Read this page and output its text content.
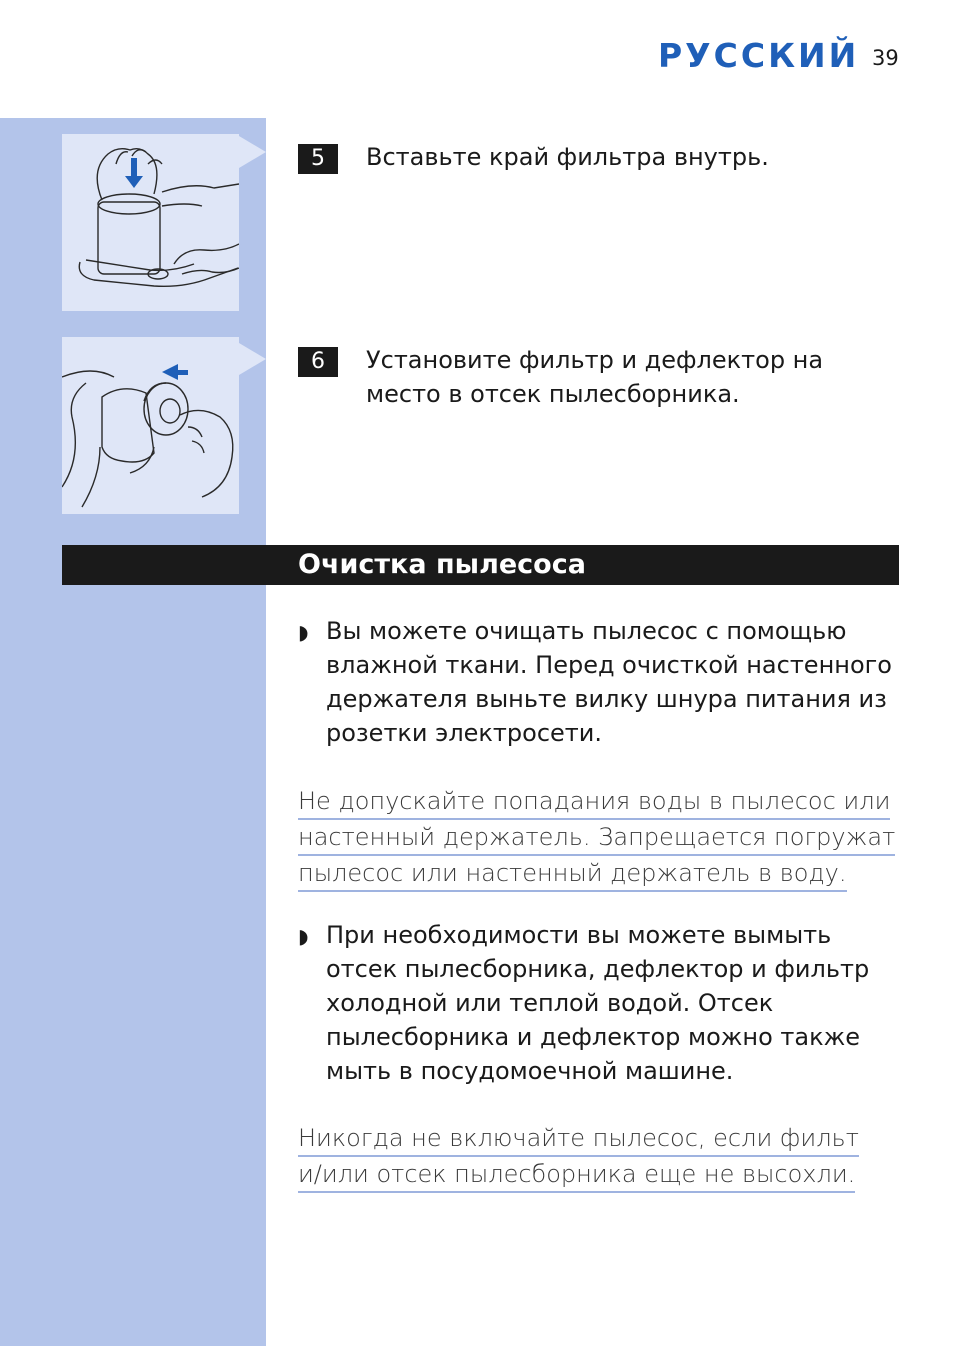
РУССКИЙ 39
5	Вставьте край фильтра внутрь.
6	Установите фильтр и дефлектор на
место в отсек пылесборника.
Очистка пылесоса
◗ Вы можете очищать пылесос с помощью
влажной ткани. Перед очисткой настенного
держателя выньте вилку шнура питания из
розетки электросети.
Не допускайте попадания воды в пылесос или
настенный держатель. Запрещается погружат
пылесос или настенный держатель в воду.
◗ При необходимости вы можете вымыть
отсек пылесборника, дефлектор и фильтр
холодной или теплой водой. Отсек
пылесборника и дефлектор можно также
мыть в посудомоечной машине.
Никогда не включайте пылесос, если фильт
и/или отсек пылесборника еще не высохли.
